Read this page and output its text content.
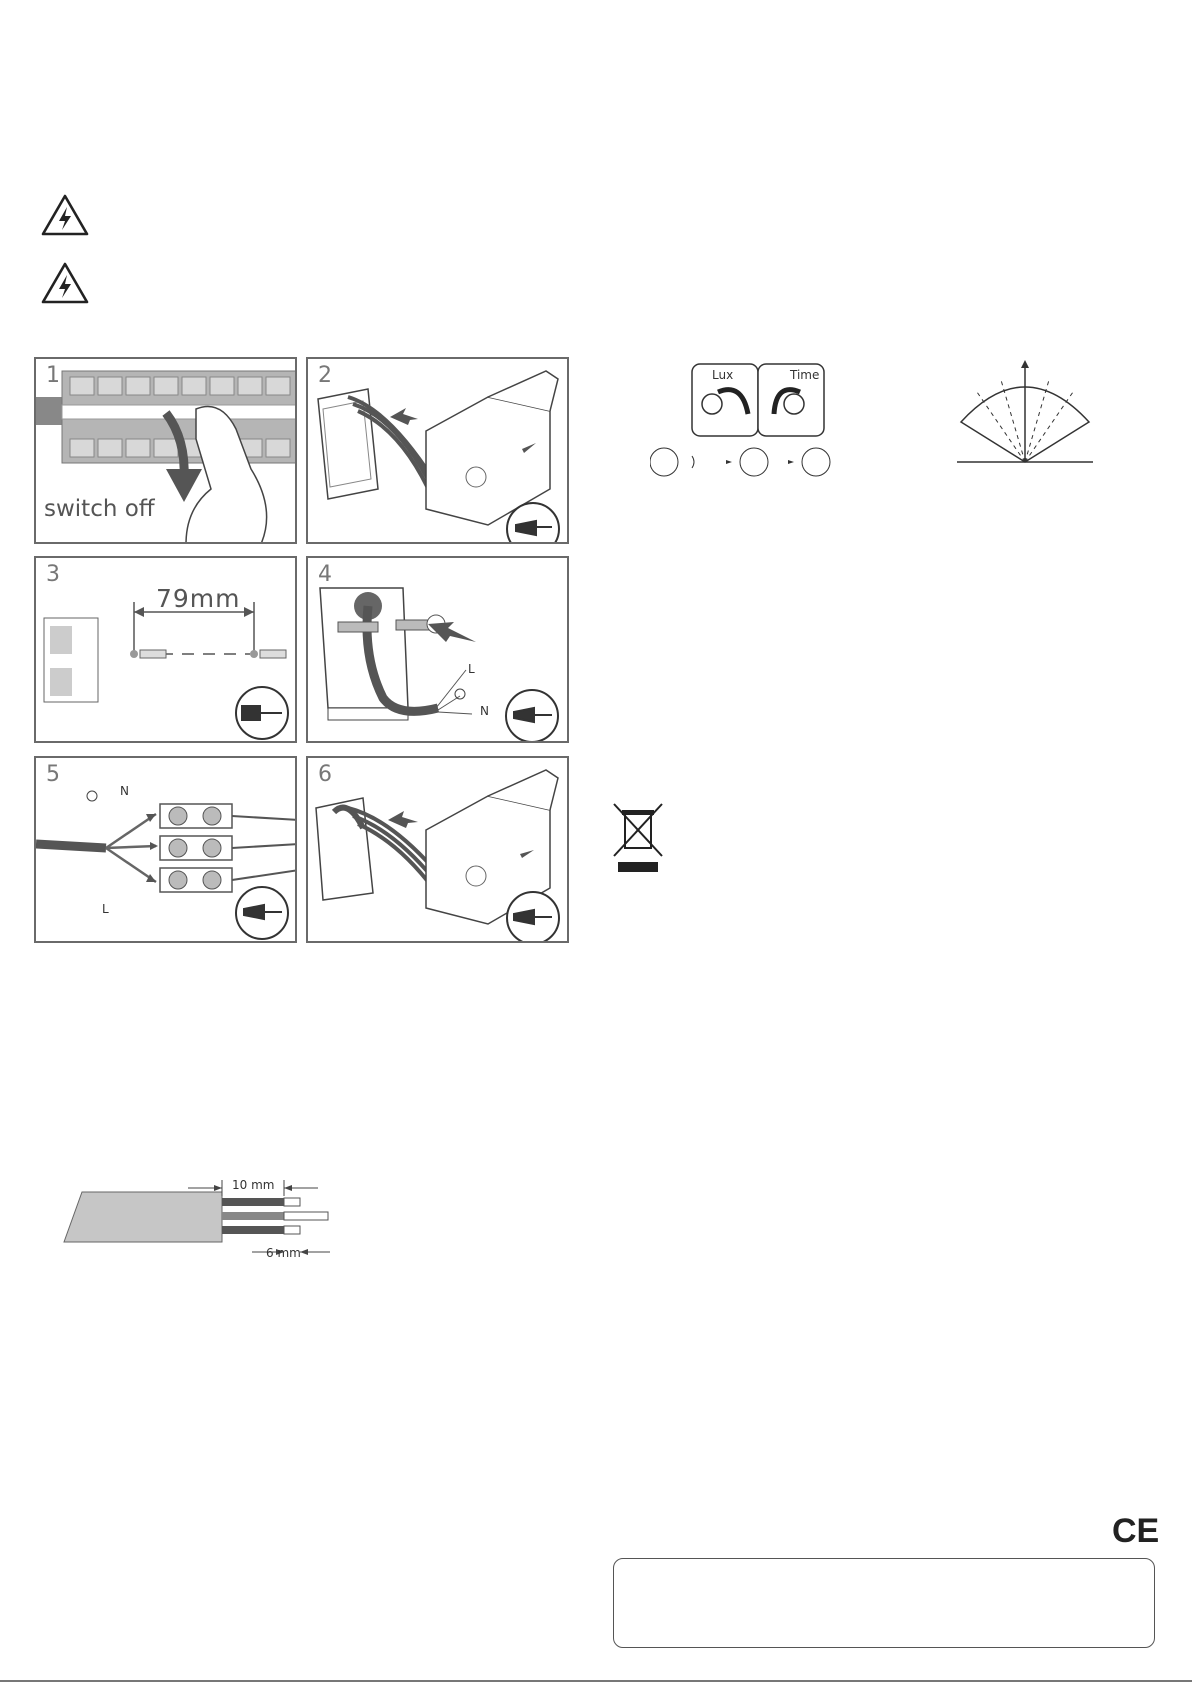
1
switch off
2
3
79mm
4
L
N
5
N
L
6
Lux	Time
10 mm
6 mm
CE
